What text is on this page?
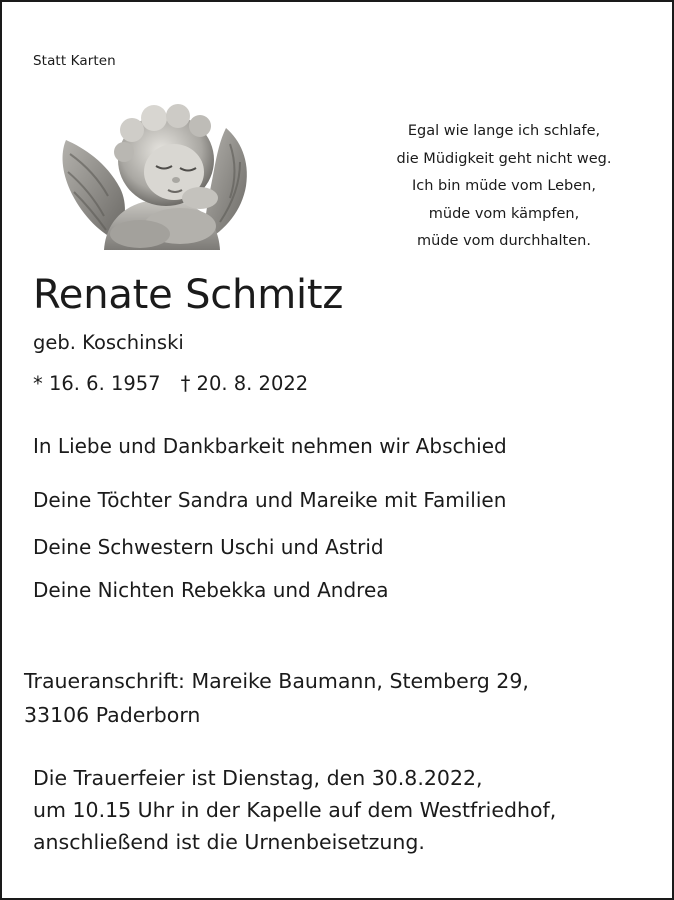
Statt Karten
Egal wie lange ich schlafe,
die Müdigkeit geht nicht weg.
Ich bin müde vom Leben,
müde vom kämpfen,
müde vom durchhalten.
Renate Schmitz
geb. Koschinski
* 16. 6. 1957 † 20. 8. 2022
In Liebe und Dankbarkeit nehmen wir Abschied
Deine Töchter Sandra und Mareike mit Familien
Deine Schwestern Uschi und Astrid
Deine Nichten Rebekka und Andrea
Traueranschrift: Mareike Baumann, Stemberg 29,
33106 Paderborn
Die Trauerfeier ist Dienstag, den 30.8.2022,
um 10.15 Uhr in der Kapelle auf dem Westfriedhof,
anschließend ist die Urnenbeisetzung.
